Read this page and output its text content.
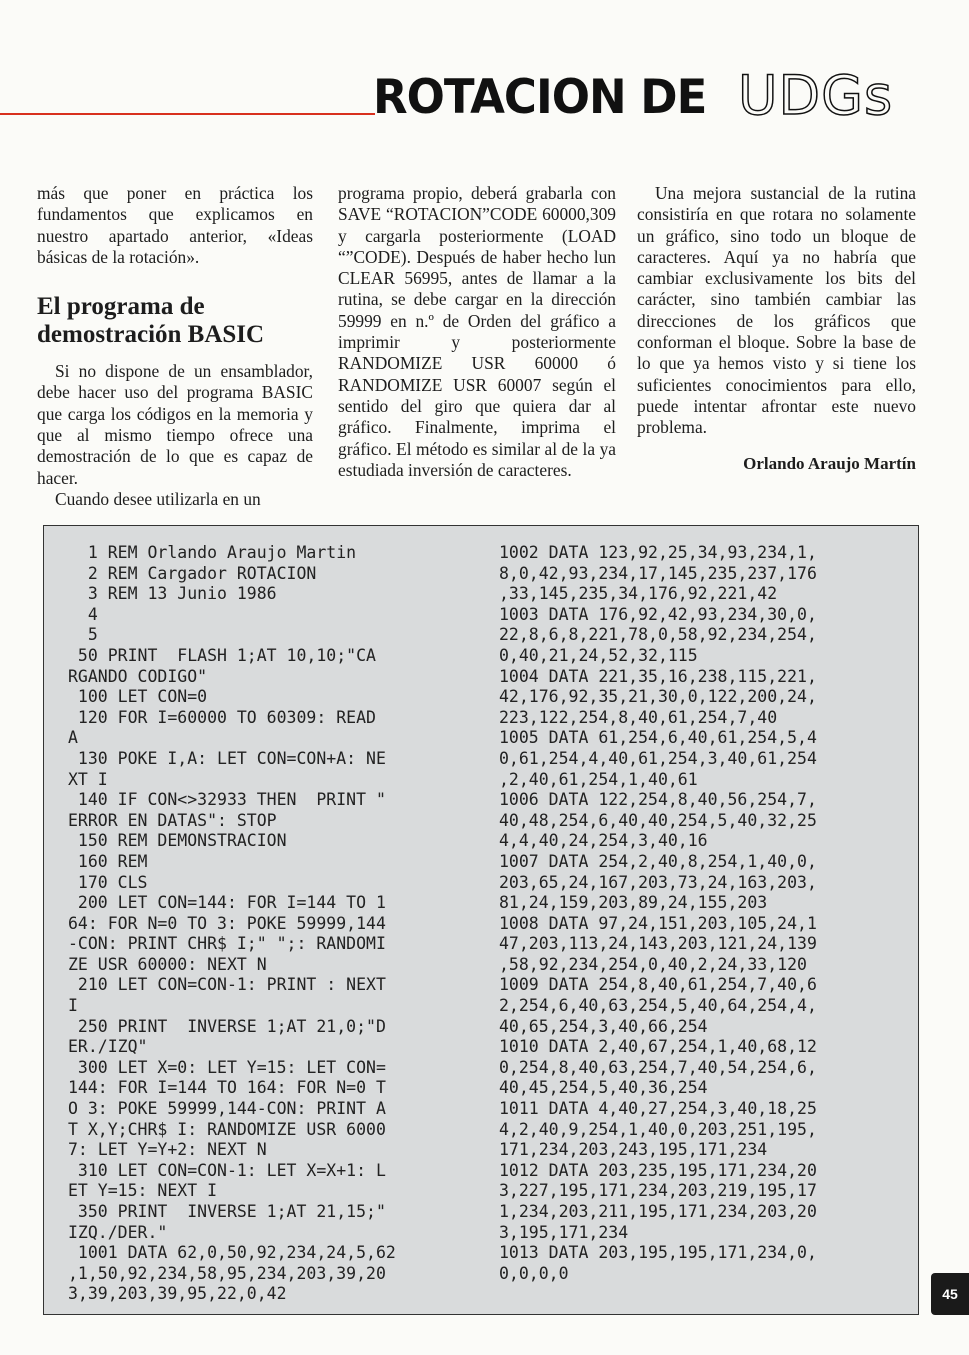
ROTACION DE UDGs

más que poner en práctica los fundamentos que explicamos en nuestro apartado anterior, «Ideas básicas de la rotación».

El programa de
demostración BASIC

Si no dispone de un ensamblador, debe hacer uso del programa BASIC que carga los códigos en la memoria y que al mismo tiempo ofrece una demostración de lo que es capaz de hacer.

Cuando desee utilizarla en un

programa propio, deberá grabarla con SAVE “ROTACION”CODE 60000,309 y cargarla posteriormente (LOAD “”CODE). Después de haber hecho lun CLEAR 56995, antes de llamar a la rutina, se debe cargar en la dirección 59999 en n.º de Orden del gráfico a imprimir y posteriormente RANDOMIZE USR 60000 ó RANDOMIZE USR 60007 según el sentido del giro que quiera dar al gráfico. Finalmente, imprima el gráfico. El método es similar al de la ya estudiada inversión de caracteres.

Una mejora sustancial de la rutina consistiría en que rotara no solamente un gráfico, sino todo un bloque de caracteres. Aquí ya no habría que cambiar exclusivamente los bits del carácter, sino también cambiar las direcciones de los gráficos que conforman el bloque. Sobre la base de lo que ya hemos visto y si tiene los suficientes conocimientos para ello, puede intentar afrontar este nuevo problema.

Orlando Araujo Martín

1 REM Orlando Araujo Martin
2 REM Cargador ROTACION
3 REM 13 Junio 1986
4
5
50 PRINT  FLASH 1;AT 10,10;"CA
RGANDO CODIGO"
100 LET CON=0
120 FOR I=60000 TO 60309: READ
A
130 POKE I,A: LET CON=CON+A: NE
XT I
140 IF CON<>32933 THEN  PRINT "
ERROR EN DATAS": STOP
150 REM DEMONSTRACION
160 REM
170 CLS
200 LET CON=144: FOR I=144 TO 1
64: FOR N=0 TO 3: POKE 59999,144
-CON: PRINT CHR$ I;" ";: RANDOMI
ZE USR 60000: NEXT N
210 LET CON=CON-1: PRINT : NEXT
I
250 PRINT  INVERSE 1;AT 21,0;"D
ER./IZQ"
300 LET X=0: LET Y=15: LET CON=
144: FOR I=144 TO 164: FOR N=0 T
O 3: POKE 59999,144-CON: PRINT A
T X,Y;CHR$ I: RANDOMIZE USR 6000
7: LET Y=Y+2: NEXT N
310 LET CON=CON-1: LET X=X+1: L
ET Y=15: NEXT I
350 PRINT  INVERSE 1;AT 21,15;"
IZQ./DER."
1001 DATA 62,0,50,92,234,24,5,62
,1,50,92,234,58,95,234,203,39,20
3,39,203,39,95,22,0,42
1002 DATA 123,92,25,34,93,234,1,
8,0,42,93,234,17,145,235,237,176
,33,145,235,34,176,92,221,42
1003 DATA 176,92,42,93,234,30,0,
22,8,6,8,221,78,0,58,92,234,254,
0,40,21,24,52,32,115
1004 DATA 221,35,16,238,115,221,
42,176,92,35,21,30,0,122,200,24,
223,122,254,8,40,61,254,7,40
1005 DATA 61,254,6,40,61,254,5,4
0,61,254,4,40,61,254,3,40,61,254
,2,40,61,254,1,40,61
1006 DATA 122,254,8,40,56,254,7,
40,48,254,6,40,40,254,5,40,32,25
4,4,40,24,254,3,40,16
1007 DATA 254,2,40,8,254,1,40,0,
203,65,24,167,203,73,24,163,203,
81,24,159,203,89,24,155,203
1008 DATA 97,24,151,203,105,24,1
47,203,113,24,143,203,121,24,139
,58,92,234,254,0,40,2,24,33,120
1009 DATA 254,8,40,61,254,7,40,6
2,254,6,40,63,254,5,40,64,254,4,
40,65,254,3,40,66,254
1010 DATA 2,40,67,254,1,40,68,12
0,254,8,40,63,254,7,40,54,254,6,
40,45,254,5,40,36,254
1011 DATA 4,40,27,254,3,40,18,25
4,2,40,9,254,1,40,0,203,251,195,
171,234,203,243,195,171,234
1012 DATA 203,235,195,171,234,20
3,227,195,171,234,203,219,195,17
1,234,203,211,195,171,234,203,20
3,195,171,234
1013 DATA 203,195,195,171,234,0,
0,0,0,0
45
